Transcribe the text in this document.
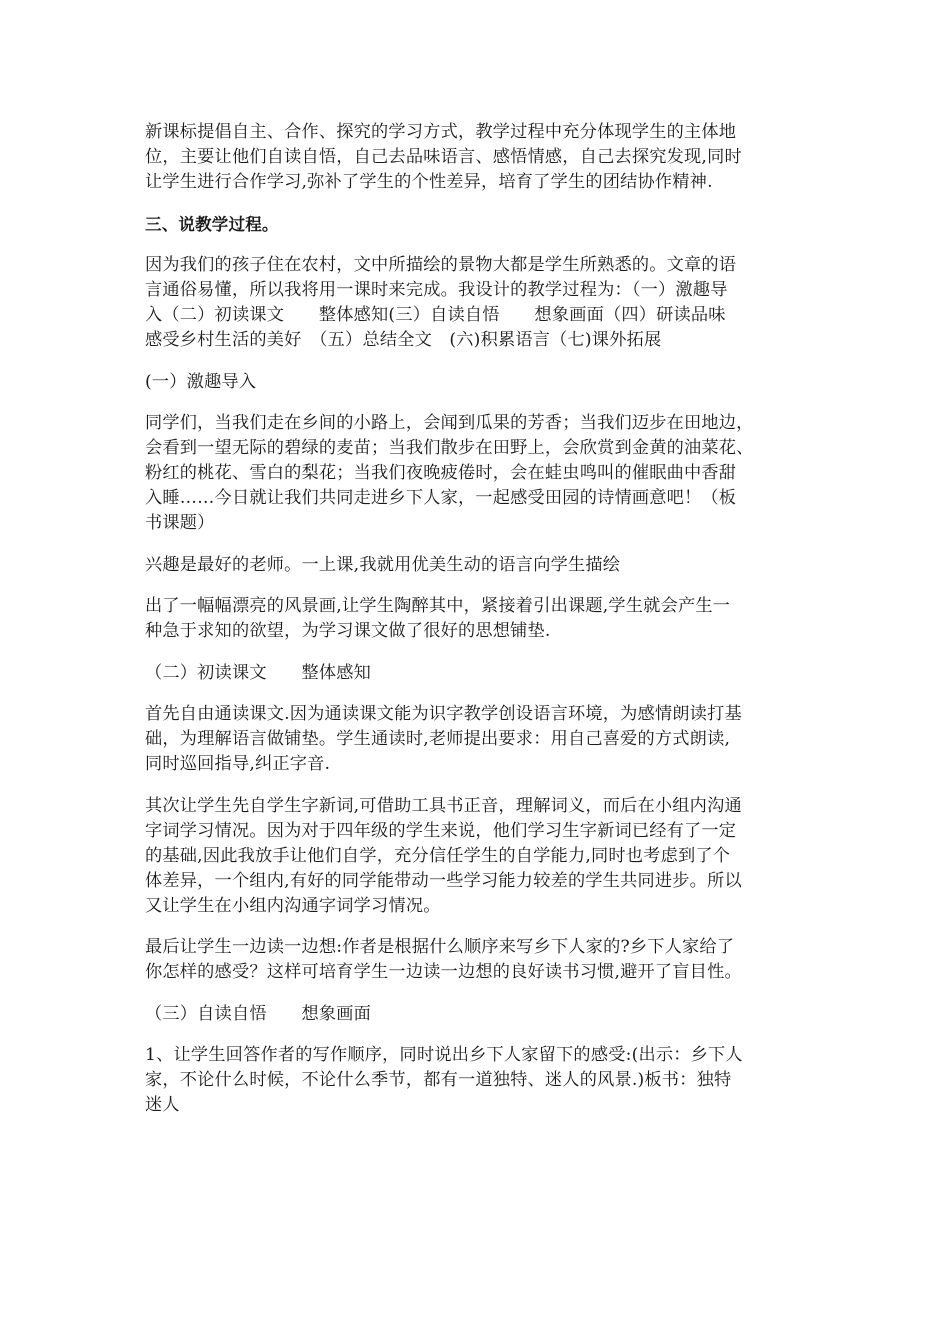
新课标提倡自主、合作、探究的学习方式，教学过程中充分体现学生的主体地
位，主要让他们自读自悟，自己去品味语言、感悟情感，自己去探究发现,同时
让学生进行合作学习,弥补了学生的个性差异，培育了学生的团结协作精神.
三、说教学过程。
因为我们的孩子住在农村，文中所描绘的景物大都是学生所熟悉的。文章的语
言通俗易懂，所以我将用一课时来完成。我设计的教学过程为：（一）激趣导
入（二）初读课文　　整体感知(三）自读自悟　　想象画面（四）研读品味
感受乡村生活的美好　（五）总结全文　(六)积累语言（七)课外拓展
(一）激趣导入
同学们，当我们走在乡间的小路上，会闻到瓜果的芳香；当我们迈步在田地边，
会看到一望无际的碧绿的麦苗；当我们散步在田野上，会欣赏到金黄的油菜花、
粉红的桃花、雪白的梨花；当我们夜晚疲倦时，会在蛙虫鸣叫的催眠曲中香甜
入睡……今日就让我们共同走进乡下人家，一起感受田园的诗情画意吧！（板
书课题）
兴趣是最好的老师。一上课,我就用优美生动的语言向学生描绘
出了一幅幅漂亮的风景画,让学生陶醉其中，紧接着引出课题,学生就会产生一
种急于求知的欲望，为学习课文做了很好的思想铺垫.
（二）初读课文　　整体感知
首先自由通读课文.因为通读课文能为识字教学创设语言环境，为感情朗读打基
础，为理解语言做铺垫。学生通读时,老师提出要求：用自己喜爱的方式朗读,
同时巡回指导,纠正字音.
其次让学生先自学生字新词,可借助工具书正音，理解词义，而后在小组内沟通
字词学习情况。因为对于四年级的学生来说，他们学习生字新词已经有了一定
的基础,因此我放手让他们自学，充分信任学生的自学能力,同时也考虑到了个
体差异，一个组内,有好的同学能带动一些学习能力较差的学生共同进步。所以
又让学生在小组内沟通字词学习情况。
最后让学生一边读一边想:作者是根据什么顺序来写乡下人家的?乡下人家给了
你怎样的感受？这样可培育学生一边读一边想的良好读书习惯,避开了盲目性。
（三）自读自悟　　想象画面
1、让学生回答作者的写作顺序，同时说出乡下人家留下的感受:(出示：乡下人
家，不论什么时候，不论什么季节，都有一道独特、迷人的风景.)板书：独特
迷人
